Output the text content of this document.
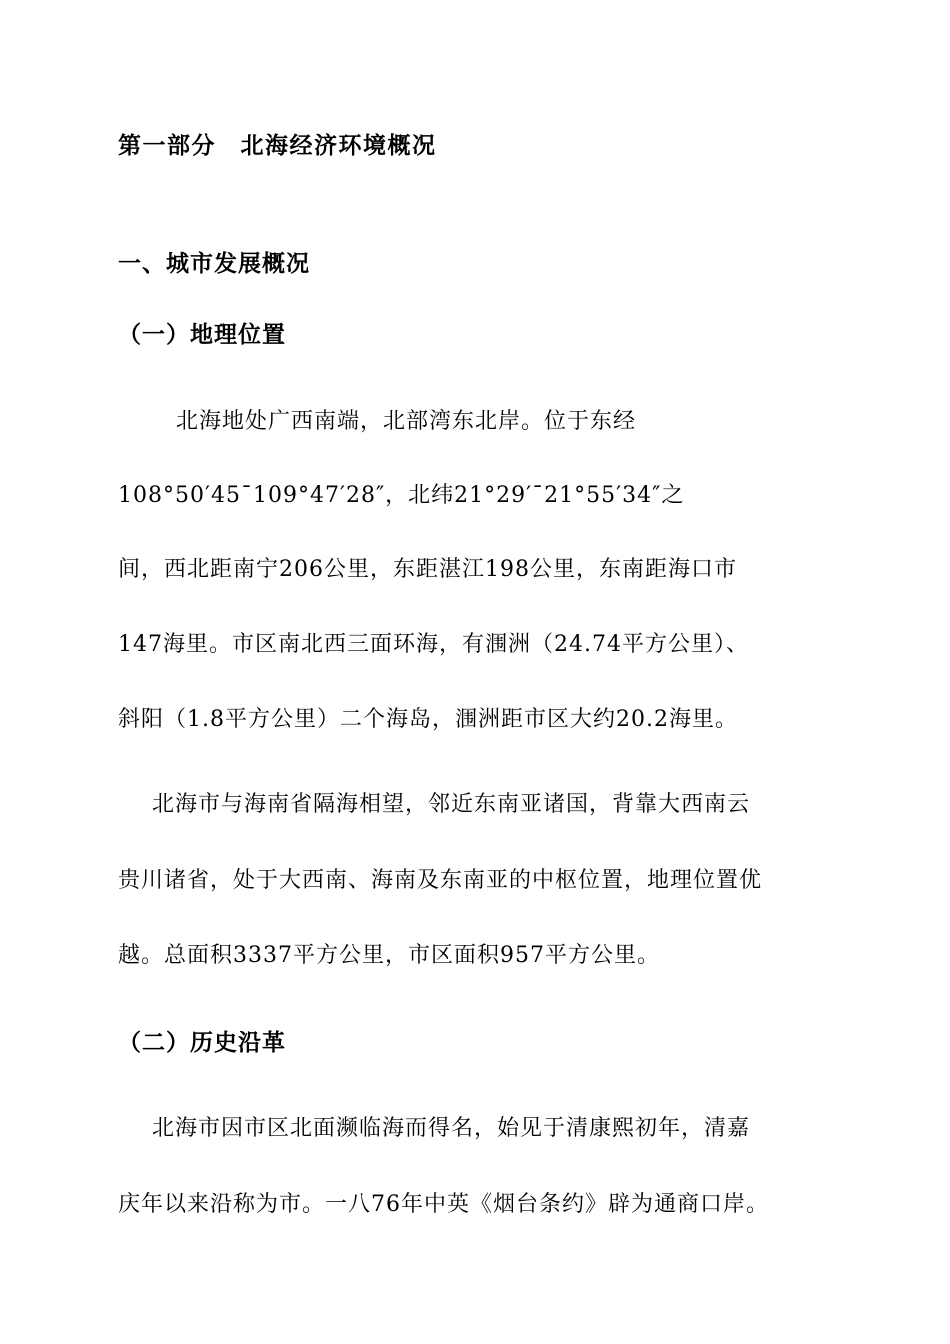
第一部分　北海经济环境概况
一、城市发展概况
（一）地理位置
北海地处广西南端，北部湾东北岸。位于东经
108°50′45¯109°47′28″，北纬21°29′¯21°55′34″之
间，西北距南宁206公里，东距湛江198公里，东南距海口市
147海里。市区南北西三面环海，有涠洲（24.74平方公里）、
斜阳（1.8平方公里）二个海岛，涠洲距市区大约20.2海里。
北海市与海南省隔海相望，邻近东南亚诸国，背靠大西南云
贵川诸省，处于大西南、海南及东南亚的中枢位置，地理位置优
越。总面积3337平方公里，市区面积957平方公里。
（二）历史沿革
北海市因市区北面濒临海而得名，始见于清康熙初年，清嘉
庆年以来沿称为市。一八76年中英《烟台条约》辟为通商口岸。
